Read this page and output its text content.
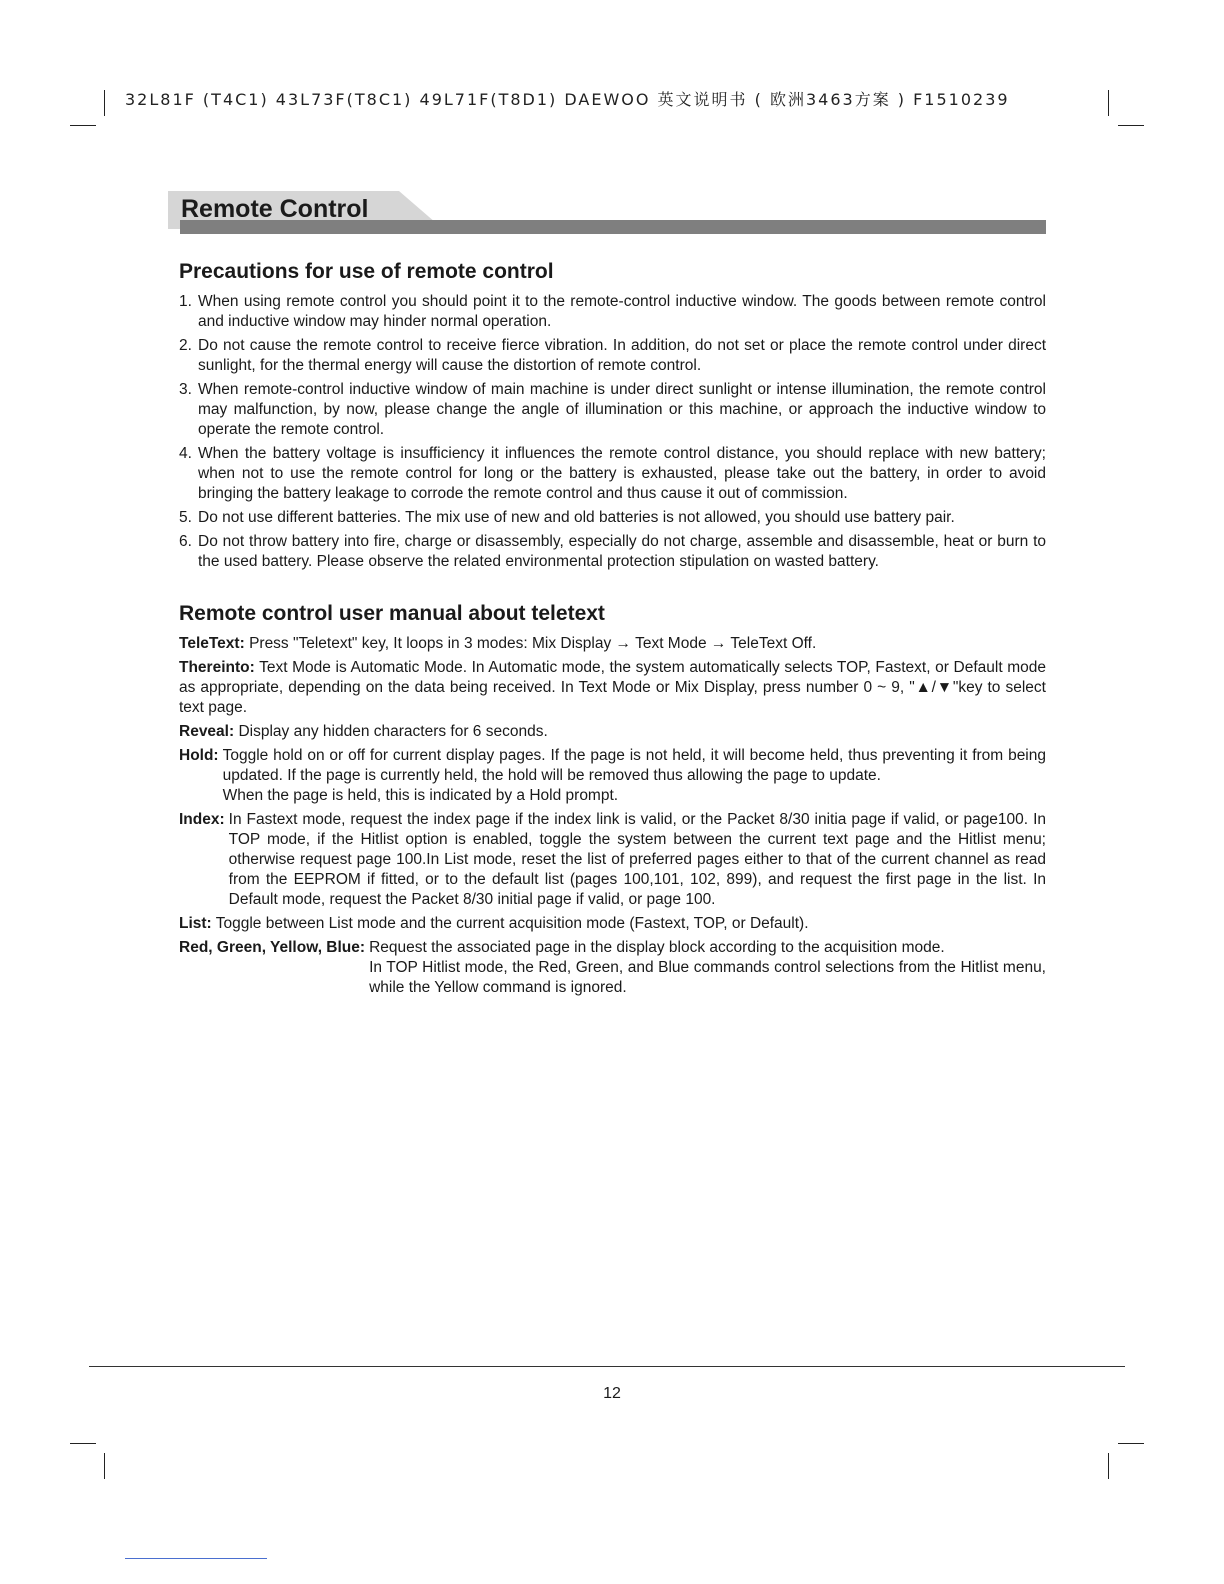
32L81F (T4C1) 43L73F(T8C1) 49L71F(T8D1) DAEWOO 英文说明书 ( 欧洲3463方案 ) F1510239
Remote Control
Precautions for use of remote control
1. When using remote control you should point it to the remote-control inductive window. The goods between remote control and inductive window may hinder normal operation.
2. Do not cause the remote control to receive fierce vibration. In addition, do not set or place the remote control under direct sunlight, for the thermal energy will cause the distortion of remote control.
3. When remote-control inductive window of main machine is under direct sunlight or intense illumination, the remote control may malfunction, by now, please change the angle of illumination or this machine, or approach the inductive window to operate the remote control.
4. When the battery voltage is insufficiency it influences the remote control distance, you should replace with new battery; when not to use the remote control for long or the battery is exhausted, please take out the battery, in order to avoid bringing the battery leakage to corrode the remote control and thus cause it out of commission.
5. Do not use different batteries. The mix use of new and old batteries is not allowed, you should use battery pair.
6. Do not throw battery into fire, charge or disassembly, especially do not charge, assemble and disassemble, heat or burn to the used battery. Please observe the related environmental protection stipulation on wasted battery.
Remote control user manual about teletext
TeleText: Press "Teletext" key, It loops in 3 modes: Mix Display → Text Mode → TeleText Off.
Thereinto: Text Mode is Automatic Mode. In Automatic mode, the system automatically selects TOP, Fastext, or Default mode as appropriate, depending on the data being received. In Text Mode or Mix Display, press number 0 ~ 9, "▲/▼"key to select text page.
Reveal: Display any hidden characters for 6 seconds.
Hold: Toggle hold on or off for current display pages. If the page is not held, it will become held, thus preventing it from being updated. If the page is currently held, the hold will be removed thus allowing the page to update.

When the page is held, this is indicated by a Hold prompt.

Index: In Fastext mode, request the index page if the index link is valid, or the Packet 8/30 initia page if valid, or page100. In TOP mode, if the Hitlist option is enabled, toggle the system between the current text page and the Hitlist menu; otherwise request page 100.In List mode, reset the list of preferred pages either to that of the current channel as read from the EEPROM if fitted, or to the default list (pages 100,101, 102, 899), and request the first page in the list. In Default mode, request the Packet 8/30 initial page if valid, or page 100.

List: Toggle between List mode and the current acquisition mode (Fastext, TOP, or Default).
Red, Green, Yellow, Blue: Request the associated page in the display block according to the acquisition mode.

In TOP Hitlist mode, the Red, Green, and Blue commands control selections from the Hitlist menu, while the Yellow command is ignored.

12
